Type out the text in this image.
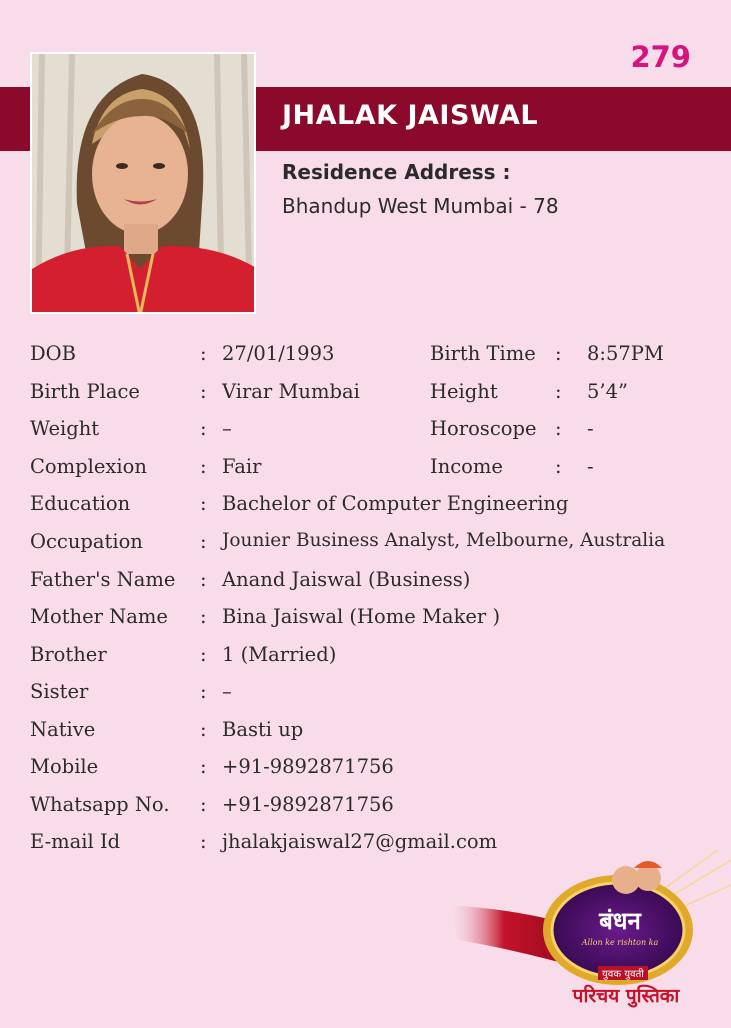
279
JHALAK JAISWAL
Residence Address :
Bhandup West Mumbai - 78
DOB	: 27/01/1993	Birth Time : 8:57PM
Birth Place	: Virar Mumbai	Height	: 5’4”
Weight	: –	Horoscope : -
Complexion	: Fair	Income	: -
Education	: Bachelor of Computer Engineering
Occupation	: Jounier Business Analyst, Melbourne, Australia
Father's Name : Anand Jaiswal (Business)
Mother Name : Bina Jaiswal (Home Maker )
Brother	: 1 (Married)
Sister	: –
Native	: Basti up
Mobile	: +91-9892871756
Whatsapp No. : +91-9892871756
E-mail Id	: jhalakjaiswal27@gmail.com
बंधन
Allon ke rishton ka
युवक युवती
परिचय पुस्तिका
